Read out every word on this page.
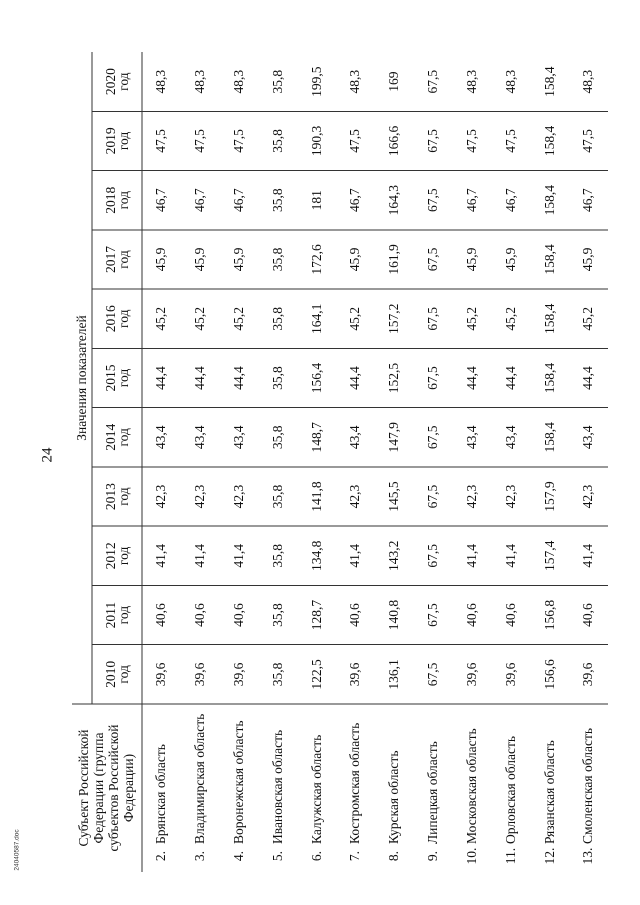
24
24040587.doc
Субъект Российской Федерации (группа субъектов Российской Федерации)
Значения показателей
2010
год
2011
год
2012
год
2013
год
2014
год
2015
год
2016
год
2017
год
2018
год
2019
год
2020
год
2.
Брянская область
39,6
40,6
41,4
42,3
43,4
44,4
45,2
45,9
46,7
47,5
48,3
3.
Владимирская область
39,6
40,6
41,4
42,3
43,4
44,4
45,2
45,9
46,7
47,5
48,3
4.
Воронежская область
39,6
40,6
41,4
42,3
43,4
44,4
45,2
45,9
46,7
47,5
48,3
5.
Ивановская область
35,8
35,8
35,8
35,8
35,8
35,8
35,8
35,8
35,8
35,8
35,8
6.
Калужская область
122,5
128,7
134,8
141,8
148,7
156,4
164,1
172,6
181
190,3
199,5
7.
Костромская область
39,6
40,6
41,4
42,3
43,4
44,4
45,2
45,9
46,7
47,5
48,3
8.
Курская область
136,1
140,8
143,2
145,5
147,9
152,5
157,2
161,9
164,3
166,6
169
9.
Липецкая область
67,5
67,5
67,5
67,5
67,5
67,5
67,5
67,5
67,5
67,5
67,5
10.
Московская область
39,6
40,6
41,4
42,3
43,4
44,4
45,2
45,9
46,7
47,5
48,3
11.
Орловская область
39,6
40,6
41,4
42,3
43,4
44,4
45,2
45,9
46,7
47,5
48,3
12.
Рязанская область
156,6
156,8
157,4
157,9
158,4
158,4
158,4
158,4
158,4
158,4
158,4
13.
Смоленская область
39,6
40,6
41,4
42,3
43,4
44,4
45,2
45,9
46,7
47,5
48,3
